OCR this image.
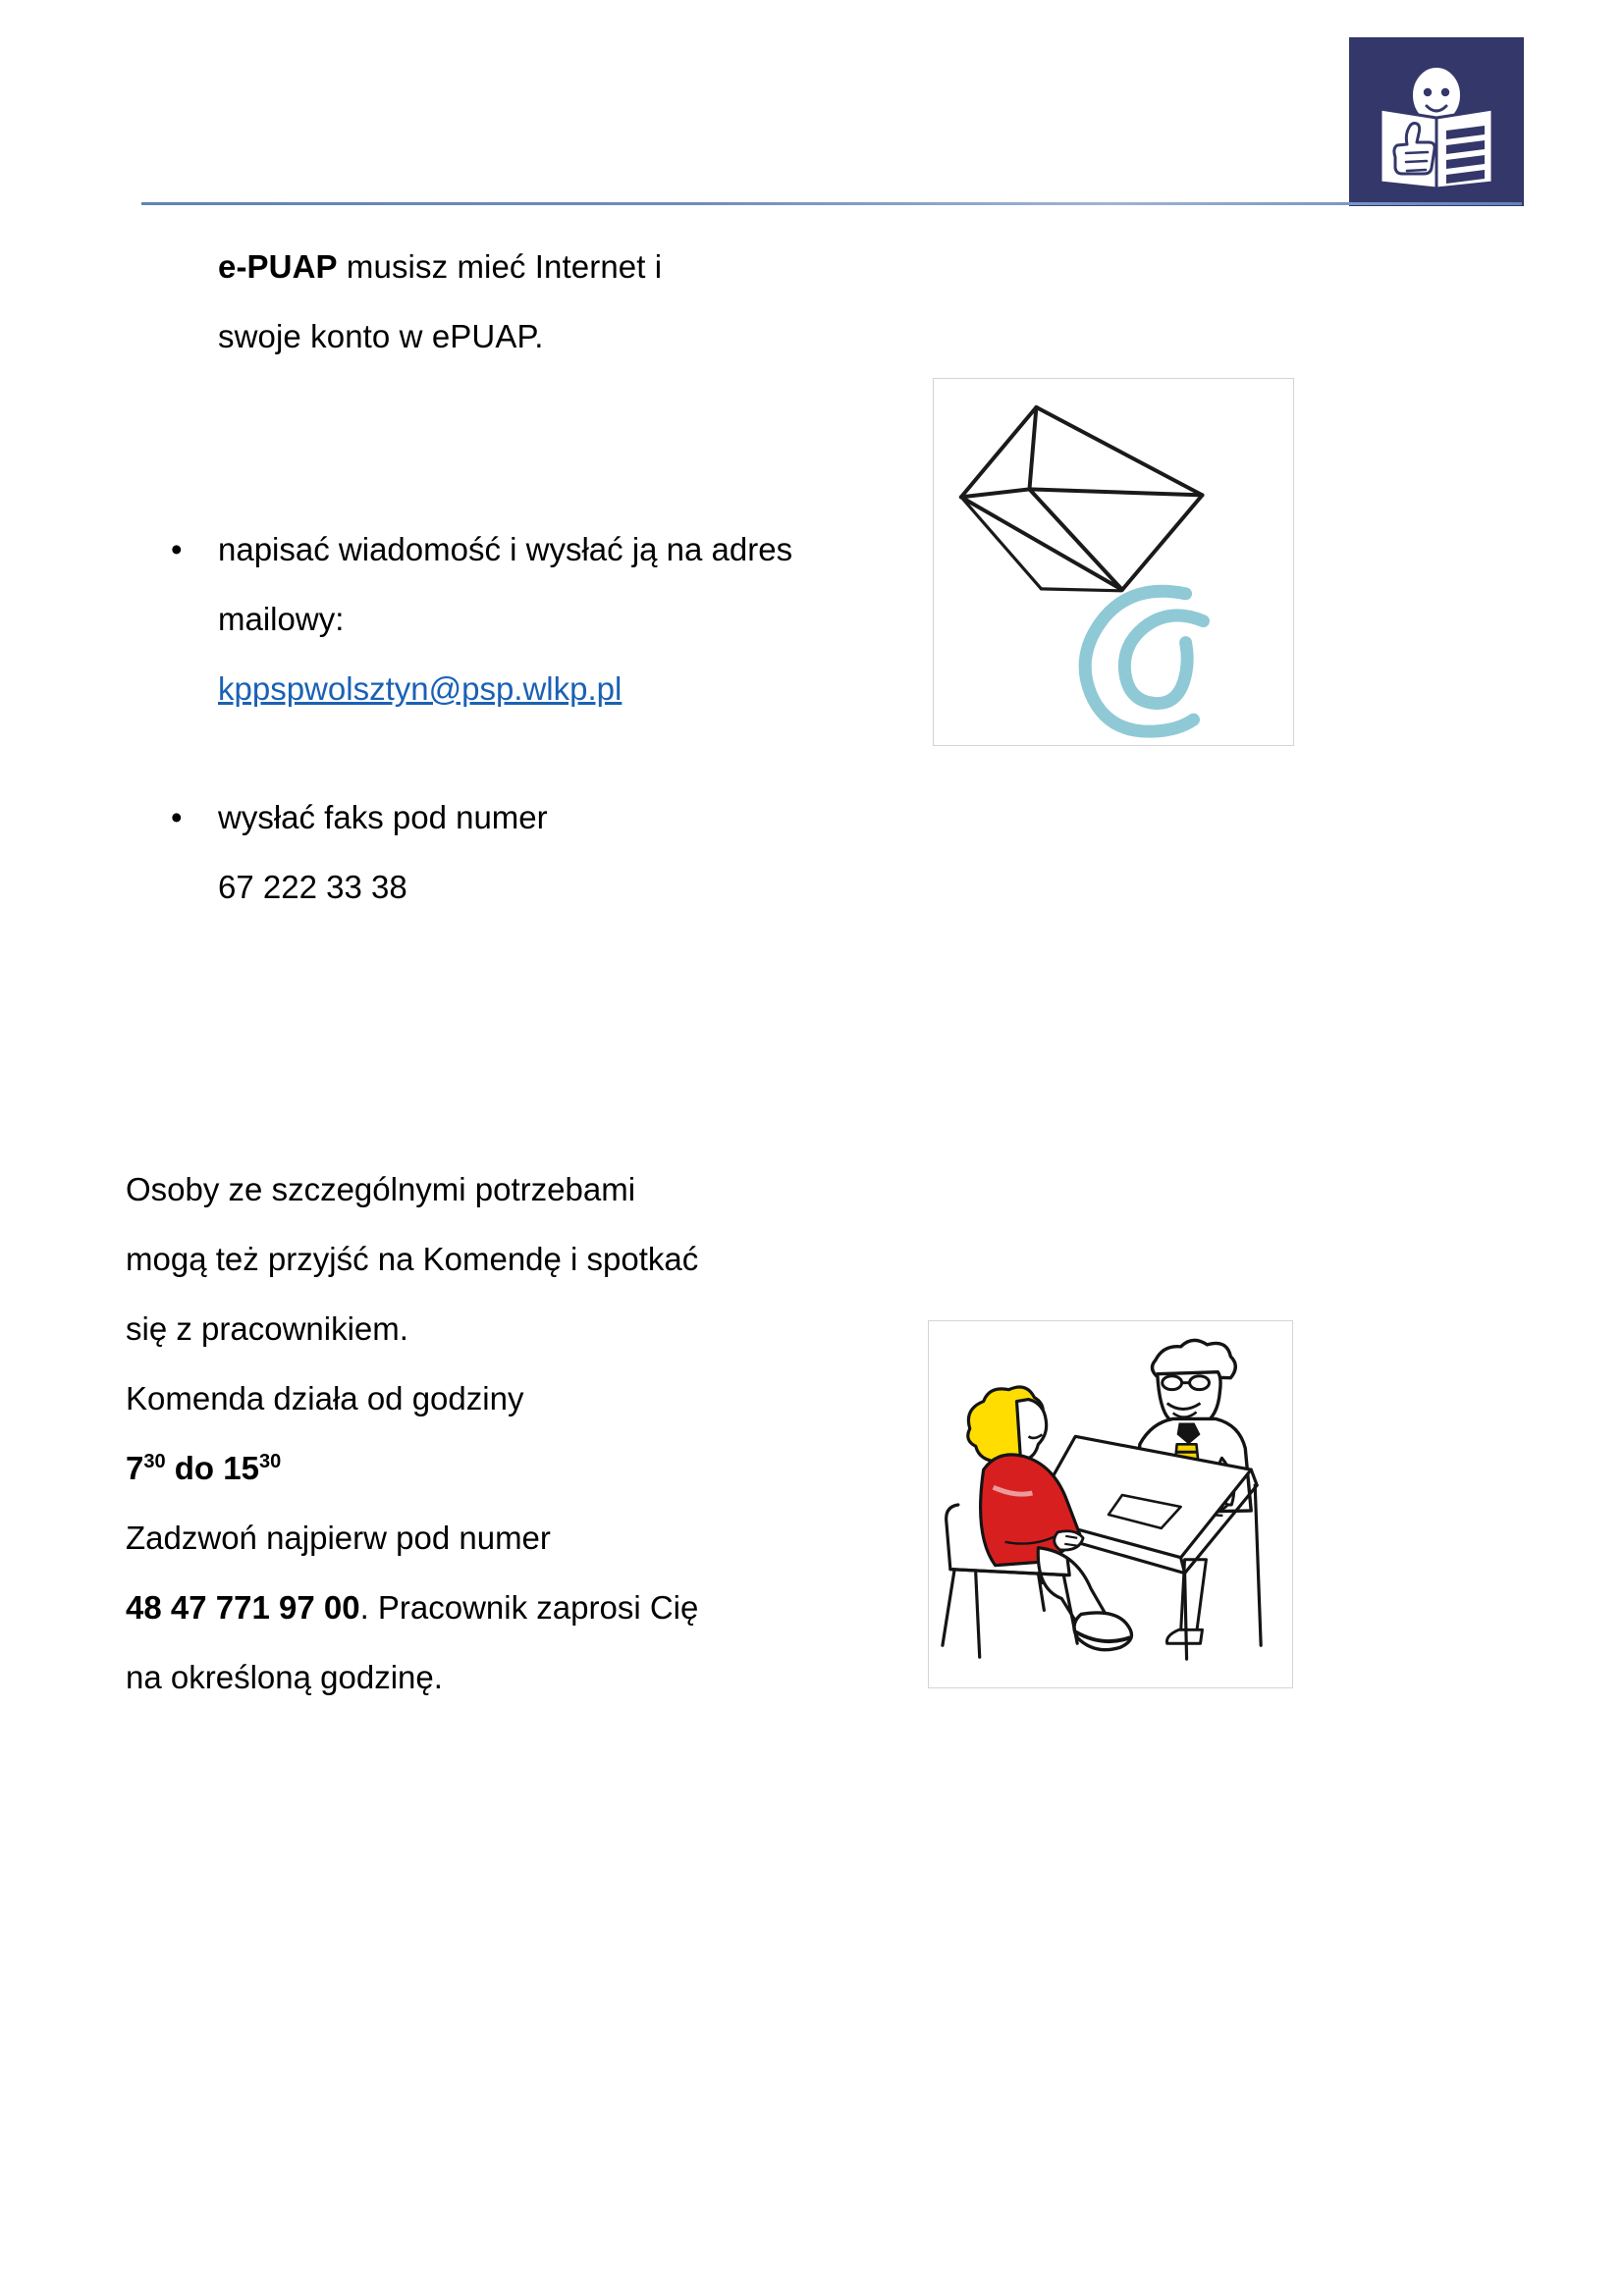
e-PUAP musisz mieć Internet i swoje konto w ePUAP.
• napisać wiadomość i wysłać ją na adres mailowy:
kppspwolsztyn@psp.wlkp.pl
• wysłać faks pod numer
67 222 33 38

Osoby ze szczególnymi potrzebami mogą też przyjść na Komendę i spotkać się z pracownikiem.

Komenda działa od godziny

$7^{30}$ do $15^{30}$

Zadzwoń najpierw pod numer
48 47 771 97 00. Pracownik zaprosi Cię na określoną godzinę.
